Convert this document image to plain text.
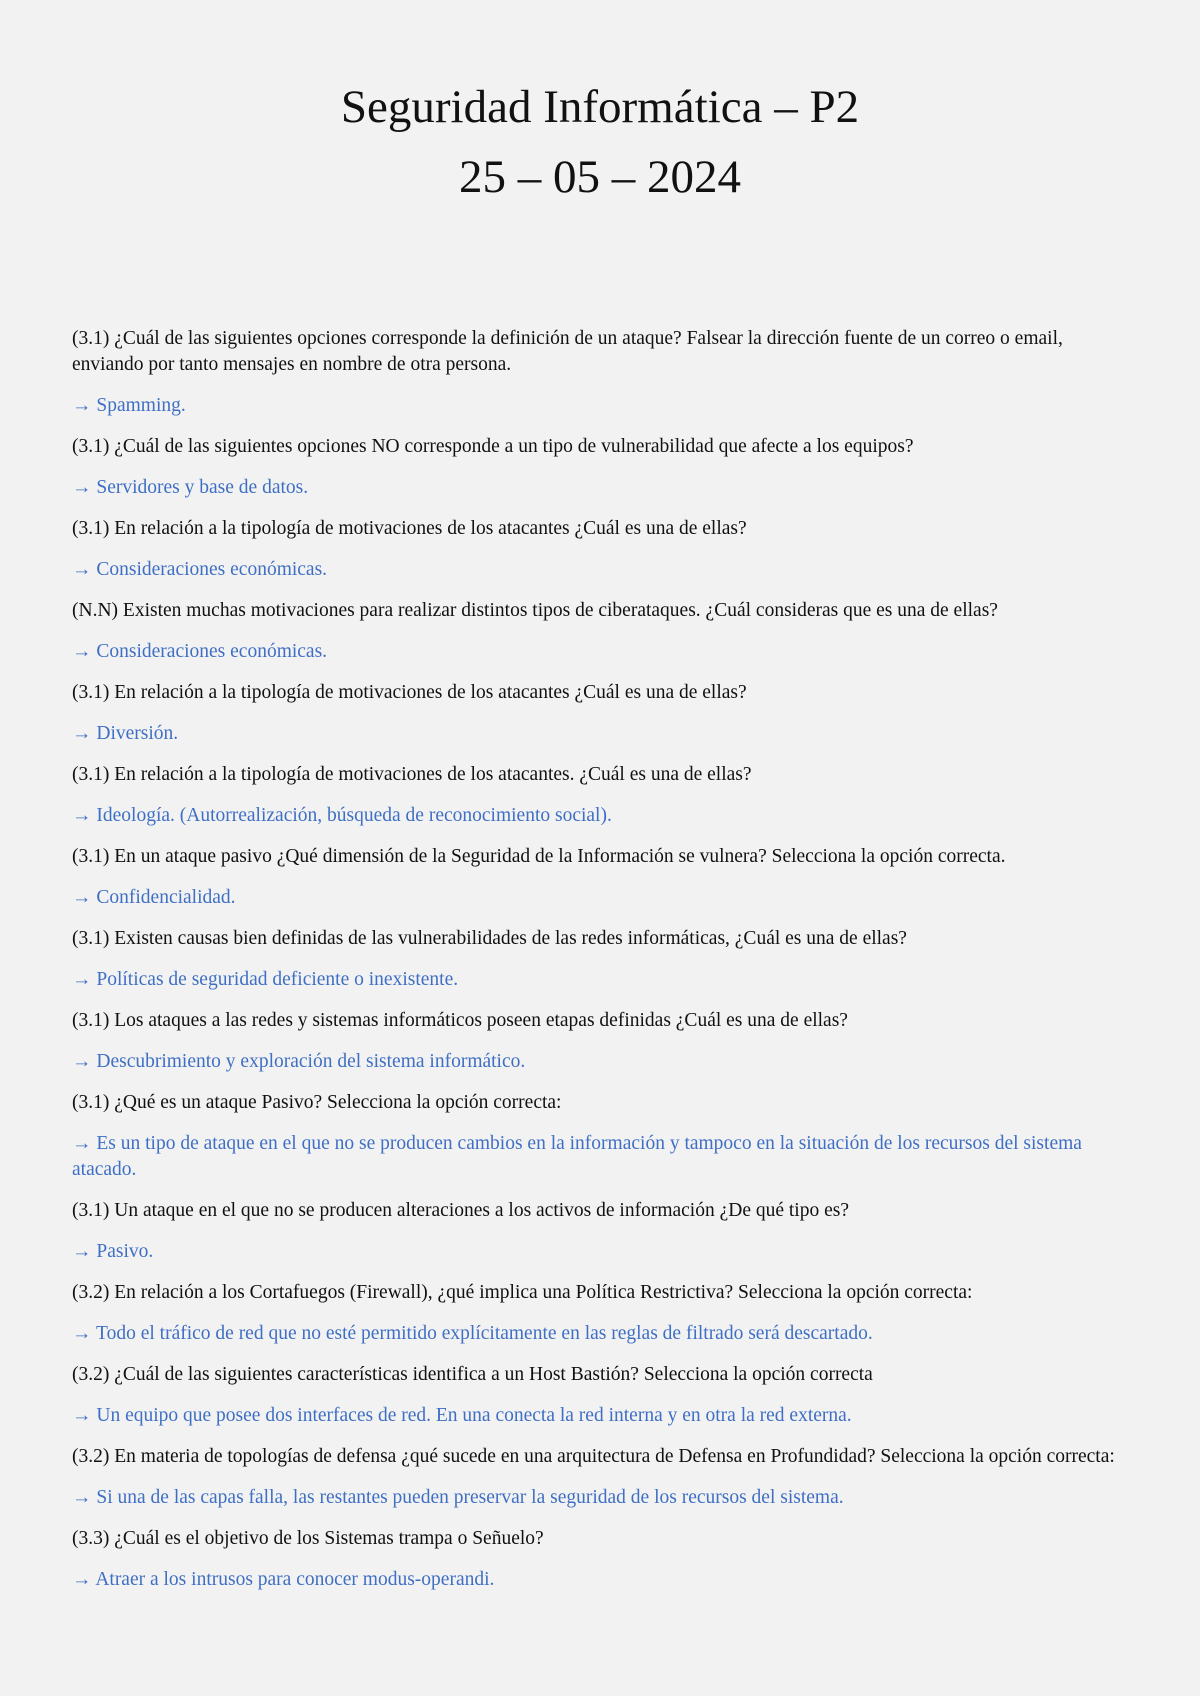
Seguridad Informática – P2
25 – 05 – 2024

(3.1) ¿Cuál de las siguientes opciones corresponde la definición de un ataque? Falsear la dirección fuente de un correo o email, enviando por tanto mensajes en nombre de otra persona.

→ Spamming.

(3.1) ¿Cuál de las siguientes opciones NO corresponde a un tipo de vulnerabilidad que afecte a los equipos?

→ Servidores y base de datos.

(3.1) En relación a la tipología de motivaciones de los atacantes ¿Cuál es una de ellas?

→ Consideraciones económicas.

(N.N) Existen muchas motivaciones para realizar distintos tipos de ciberataques. ¿Cuál consideras que es una de ellas?

→ Consideraciones económicas.

(3.1) En relación a la tipología de motivaciones de los atacantes ¿Cuál es una de ellas?

→ Diversión.

(3.1) En relación a la tipología de motivaciones de los atacantes. ¿Cuál es una de ellas?

→ Ideología. (Autorrealización, búsqueda de reconocimiento social).

(3.1) En un ataque pasivo ¿Qué dimensión de la Seguridad de la Información se vulnera? Selecciona la opción correcta.

→ Confidencialidad.

(3.1) Existen causas bien definidas de las vulnerabilidades de las redes informáticas, ¿Cuál es una de ellas?

→ Políticas de seguridad deficiente o inexistente.

(3.1) Los ataques a las redes y sistemas informáticos poseen etapas definidas ¿Cuál es una de ellas?

→ Descubrimiento y exploración del sistema informático.

(3.1) ¿Qué es un ataque Pasivo? Selecciona la opción correcta:

→ Es un tipo de ataque en el que no se producen cambios en la información y tampoco en la situación de los recursos del sistema atacado.

(3.1) Un ataque en el que no se producen alteraciones a los activos de información ¿De qué tipo es?

→ Pasivo.

(3.2) En relación a los Cortafuegos (Firewall), ¿qué implica una Política Restrictiva? Selecciona la opción correcta:

→ Todo el tráfico de red que no esté permitido explícitamente en las reglas de filtrado será descartado.

(3.2) ¿Cuál de las siguientes características identifica a un Host Bastión? Selecciona la opción correcta

→ Un equipo que posee dos interfaces de red. En una conecta la red interna y en otra la red externa.

(3.2) En materia de topologías de defensa ¿qué sucede en una arquitectura de Defensa en Profundidad? Selecciona la opción correcta:

→ Si una de las capas falla, las restantes pueden preservar la seguridad de los recursos del sistema.

(3.3) ¿Cuál es el objetivo de los Sistemas trampa o Señuelo?

→ Atraer a los intrusos para conocer modus-operandi.
